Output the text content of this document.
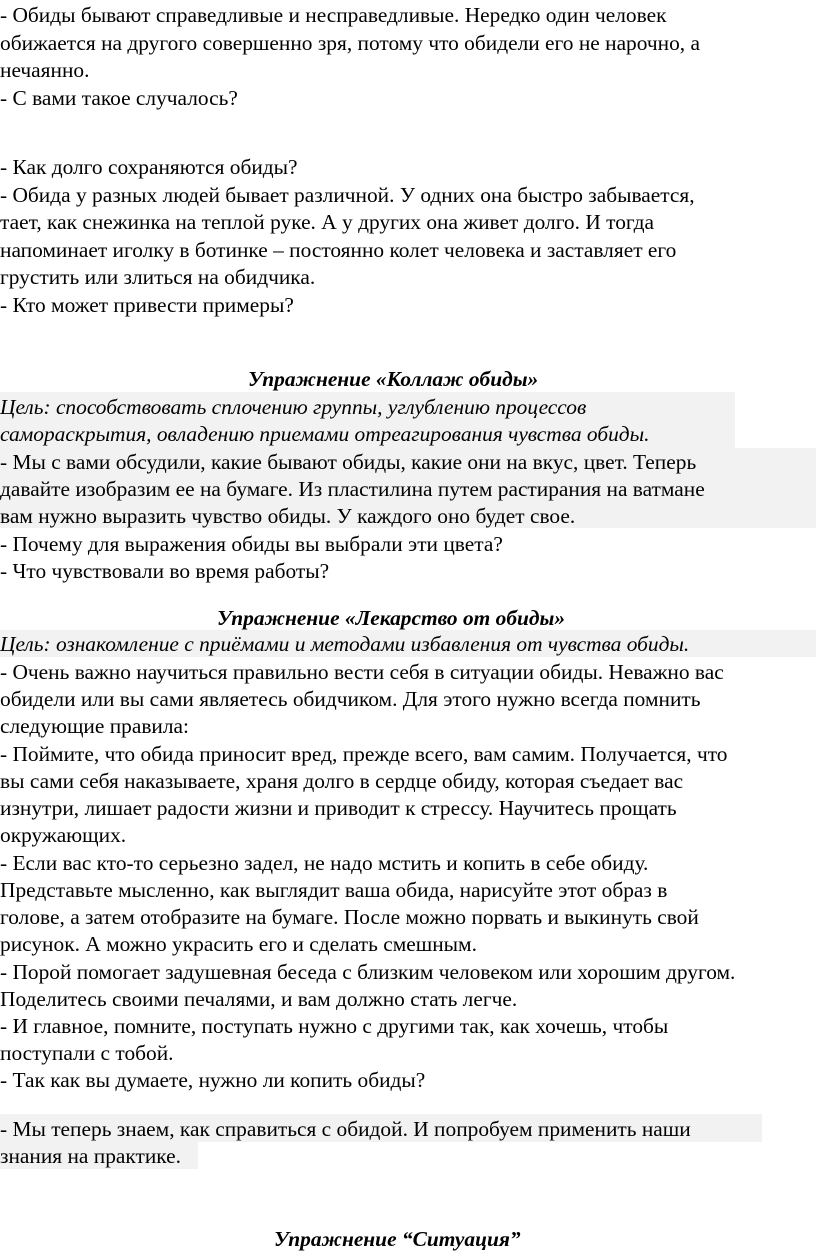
- Обиды бывают справедливые и несправедливые. Нередко один человек
обижается на другого совершенно зря, потому что обидели его не нарочно, а
нечаянно.
- С вами такое случалось?
- Как долго сохраняются обиды?
- Обида у разных людей бывает различной. У одних она быстро забывается,
тает, как снежинка на теплой руке. А у других она живет долго. И тогда
напоминает иголку в ботинке – постоянно колет человека и заставляет его
грустить или злиться на обидчика.
- Кто может привести примеры?
Упражнение «Коллаж обиды»
Цель: способствовать сплочению группы, углублению процессов
самораскрытия, овладению приемами отреагирования чувства обиды.
- Мы с вами обсудили, какие бывают обиды, какие они на вкус, цвет. Теперь
давайте изобразим ее на бумаге. Из пластилина путем растирания на ватмане
вам нужно выразить чувство обиды. У каждого оно будет свое.
- Почему для выражения обиды вы выбрали эти цвета?
- Что чувствовали во время работы?
Упражнение «Лекарство от обиды»
Цель: ознакомление с приёмами и методами избавления от чувства обиды.
- Очень важно научиться правильно вести себя в ситуации обиды. Неважно вас
обидели или вы сами являетесь обидчиком. Для этого нужно всегда помнить
следующие правила:
- Поймите, что обида приносит вред, прежде всего, вам самим. Получается, что
вы сами себя наказываете, храня долго в сердце обиду, которая съедает вас
изнутри, лишает радости жизни и приводит к стрессу. Научитесь прощать
окружающих.
- Если вас кто-то серьезно задел, не надо мстить и копить в себе обиду.
Представьте мысленно, как выглядит ваша обида, нарисуйте этот образ в
голове, а затем отобразите на бумаге. После можно порвать и выкинуть свой
рисунок. А можно украсить его и сделать смешным.
- Порой помогает задушевная беседа с близким человеком или хорошим другом.
Поделитесь своими печалями, и вам должно стать легче.
- И главное, помните, поступать нужно с другими так, как хочешь, чтобы
поступали с тобой.
- Так как вы думаете, нужно ли копить обиды?
- Мы теперь знаем, как справиться с обидой. И попробуем применить наши
знания на практике.
Упражнение “Ситуация”
